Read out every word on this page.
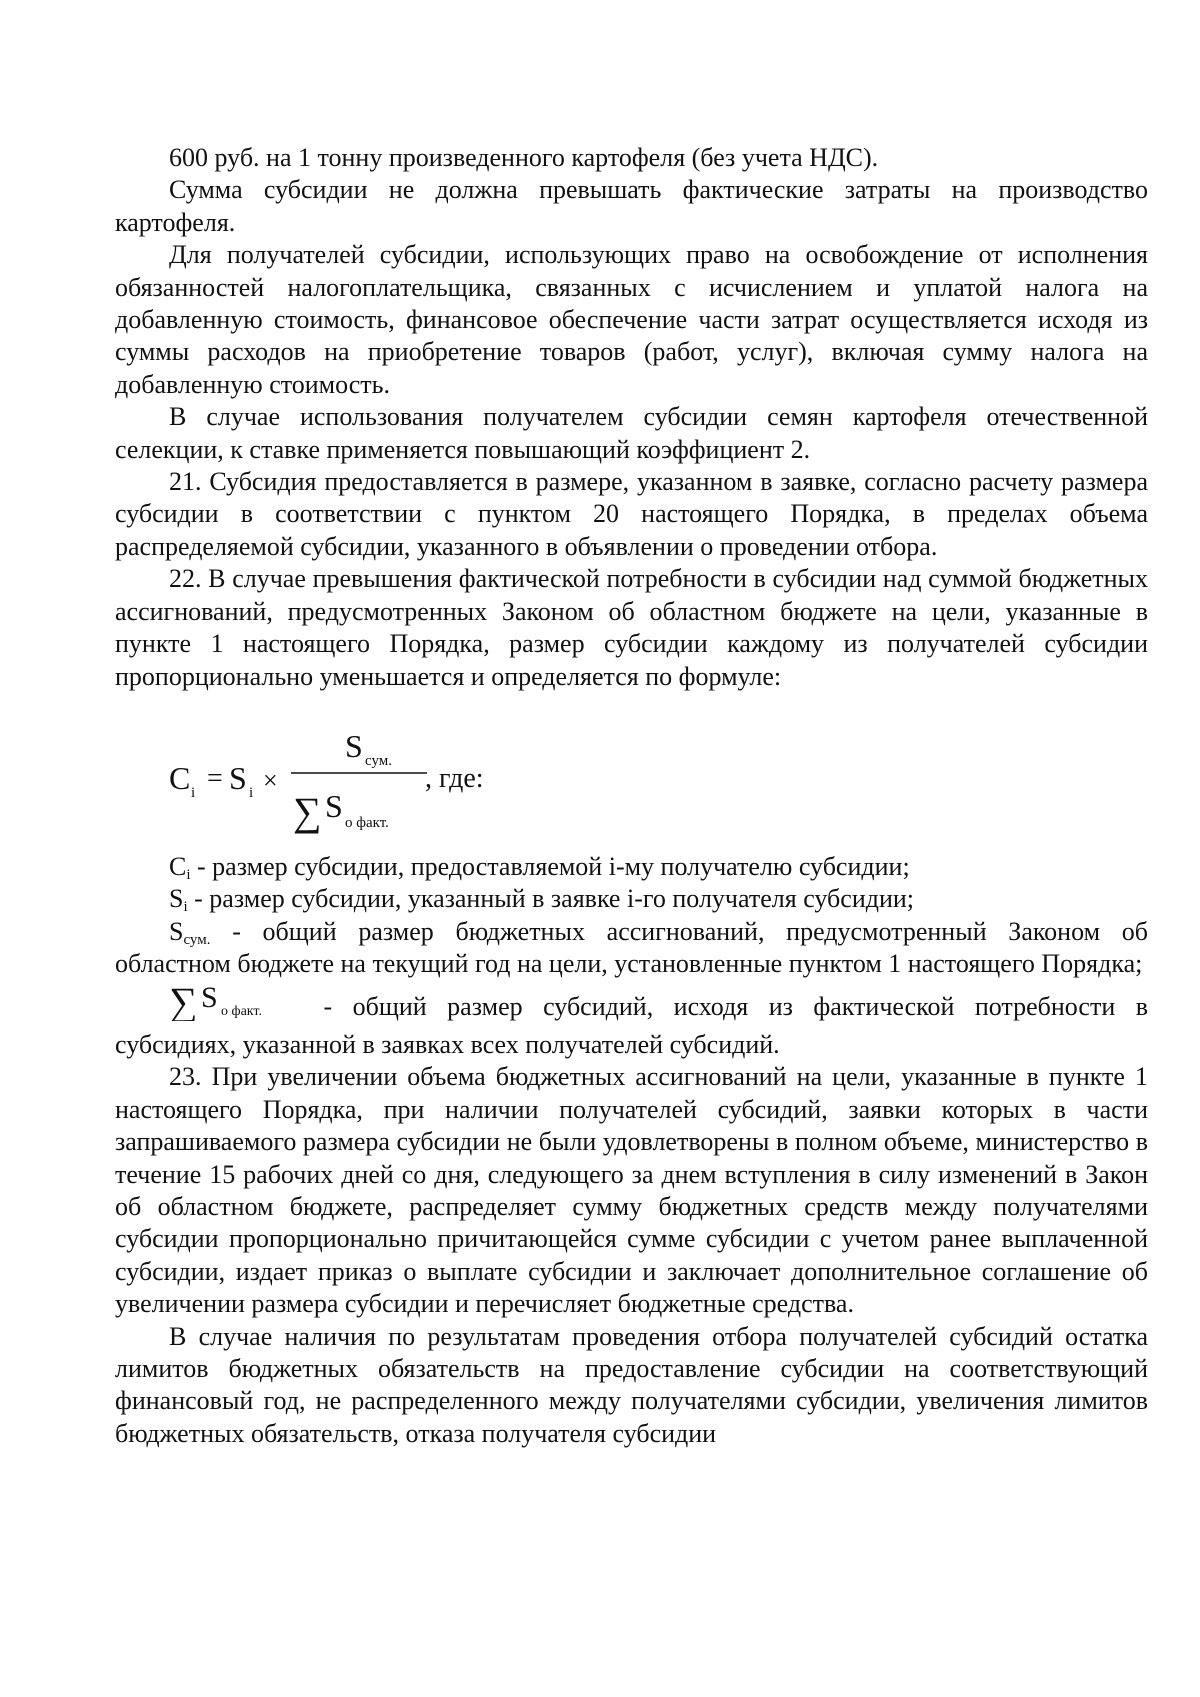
600 руб. на 1 тонну произведенного картофеля (без учета НДС).

Сумма субсидии не должна превышать фактические затраты на производство картофеля.

Для получателей субсидии, использующих право на освобождение от исполнения обязанностей налогоплательщика, связанных с исчислением и уплатой налога на добавленную стоимость, финансовое обеспечение части затрат осуществляется исходя из суммы расходов на приобретение товаров (работ, услуг), включая сумму налога на добавленную стоимость.

В случае использования получателем субсидии семян картофеля отечественной селекции, к ставке применяется повышающий коэффициент 2.

21. Субсидия предоставляется в размере, указанном в заявке, согласно расчету размера субсидии в соответствии с пунктом 20 настоящего Порядка, в пределах объема распределяемой субсидии, указанного в объявлении о проведении отбора.

22. В случае превышения фактической потребности в субсидии над суммой бюджетных ассигнований, предусмотренных Законом об областном бюджете на цели, указанные в пункте 1 настоящего Порядка, размер субсидии каждому из получателей субсидии пропорционально уменьшается и определяется по формуле:

C i = S i ×
S сум.
∑ S о факт.
, где:

$C_i$ - размер субсидии, предоставляемой i-му получателю субсидии;

$S_i$ - размер субсидии, указанный в заявке i-го получателя субсидии;

$S_{сум.}$ - общий размер бюджетных ассигнований, предусмотренный Законом об областном бюджете на текущий год на цели, установленные пунктом 1 настоящего Порядка;

∑ S о факт. - общий размер субсидий, исходя из фактической потребности в субсидиях, указанной в заявках всех получателей субсидий.

23. При увеличении объема бюджетных ассигнований на цели, указанные в пункте 1 настоящего Порядка, при наличии получателей субсидий, заявки которых в части запрашиваемого размера субсидии не были удовлетворены в полном объеме, министерство в течение 15 рабочих дней со дня, следующего за днем вступления в силу изменений в Закон об областном бюджете, распределяет сумму бюджетных средств между получателями субсидии пропорционально причитающейся сумме субсидии с учетом ранее выплаченной субсидии, издает приказ о выплате субсидии и заключает дополнительное соглашение об увеличении размера субсидии и перечисляет бюджетные средства.

В случае наличия по результатам проведения отбора получателей субсидий остатка лимитов бюджетных обязательств на предоставление субсидии на соответствующий финансовый год, не распределенного между получателями субсидии, увеличения лимитов бюджетных обязательств, отказа получателя субсидии
